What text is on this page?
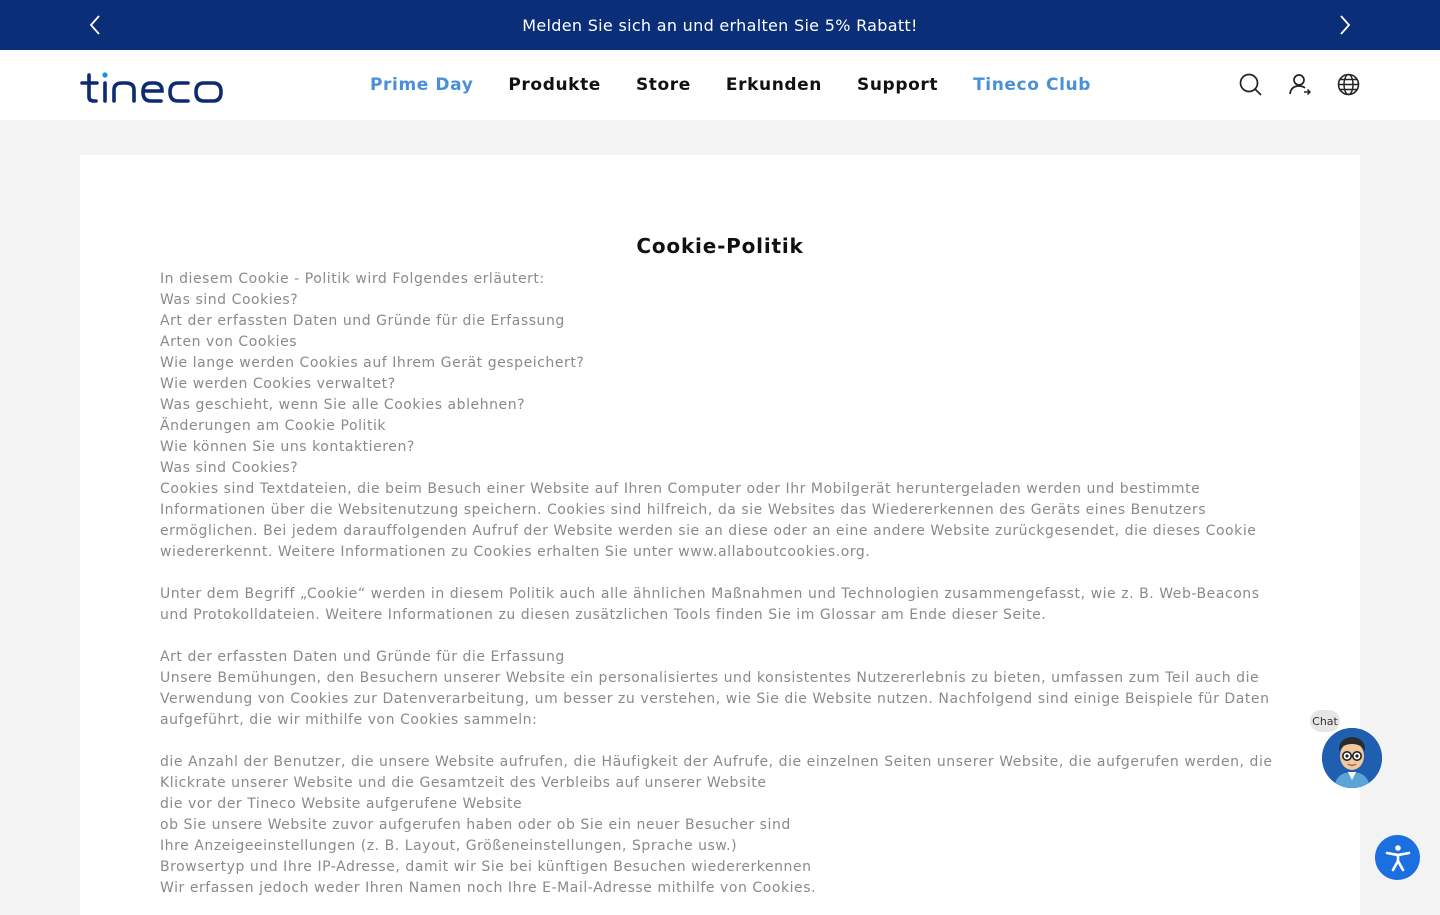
Melden Sie sich an und erhalten Sie 5% Rabatt!
Prime Day Produkte Store Erkunden Support Tineco Club
Cookie-Politik

In diesem Cookie - Politik wird Folgendes erläutert:

Was sind Cookies?

Art der erfassten Daten und Gründe für die Erfassung

Arten von Cookies

Wie lange werden Cookies auf Ihrem Gerät gespeichert?

Wie werden Cookies verwaltet?

Was geschieht, wenn Sie alle Cookies ablehnen?

Änderungen am Cookie Politik

Wie können Sie uns kontaktieren?

Was sind Cookies?

Cookies sind Textdateien, die beim Besuch einer Website auf Ihren Computer oder Ihr Mobilgerät heruntergeladen werden und bestimmte Informationen über die Websitenutzung speichern. Cookies sind hilfreich, da sie Websites das Wiedererkennen des Geräts eines Benutzers ermöglichen. Bei jedem darauffolgenden Aufruf der Website werden sie an diese oder an eine andere Website zurückgesendet, die dieses Cookie wiedererkennt. Weitere Informationen zu Cookies erhalten Sie unter www.allaboutcookies.org.

Unter dem Begriff „Cookie“ werden in diesem Politik auch alle ähnlichen Maßnahmen und Technologien zusammengefasst, wie z. B. Web-Beacons und Protokolldateien. Weitere Informationen zu diesen zusätzlichen Tools finden Sie im Glossar am Ende dieser Seite.

Art der erfassten Daten und Gründe für die Erfassung

Unsere Bemühungen, den Besuchern unserer Website ein personalisiertes und konsistentes Nutzererlebnis zu bieten, umfassen zum Teil auch die Verwendung von Cookies zur Datenverarbeitung, um besser zu verstehen, wie Sie die Website nutzen. Nachfolgend sind einige Beispiele für Daten aufgeführt, die wir mithilfe von Cookies sammeln:

die Anzahl der Benutzer, die unsere Website aufrufen, die Häufigkeit der Aufrufe, die einzelnen Seiten unserer Website, die aufgerufen werden, die Klickrate unserer Website und die Gesamtzeit des Verbleibs auf unserer Website

die vor der Tineco Website aufgerufene Website

ob Sie unsere Website zuvor aufgerufen haben oder ob Sie ein neuer Besucher sind

Ihre Anzeigeeinstellungen (z. B. Layout, Größeneinstellungen, Sprache usw.)

Browsertyp und Ihre IP-Adresse, damit wir Sie bei künftigen Besuchen wiedererkennen

Wir erfassen jedoch weder Ihren Namen noch Ihre E-Mail-Adresse mithilfe von Cookies.

Chat
